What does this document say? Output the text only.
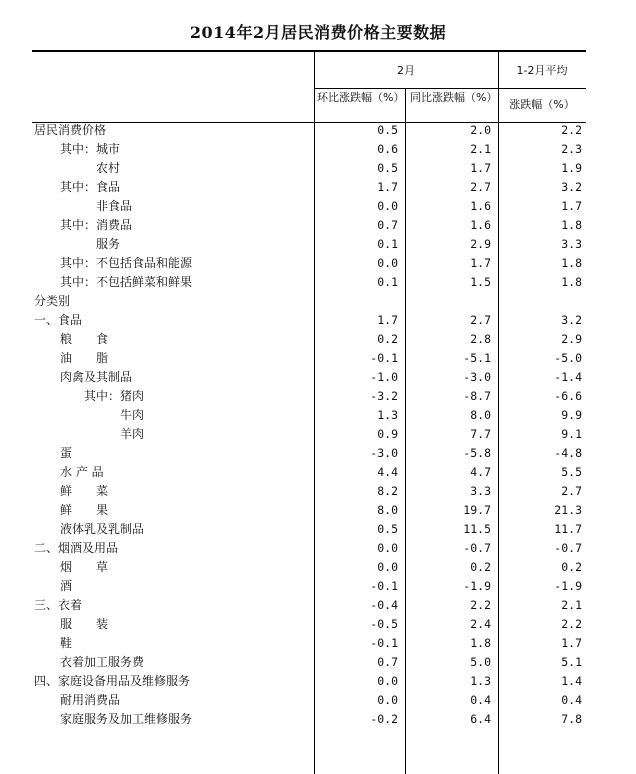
2014年2月居民消费价格主要数据
2月	1-2月平均
环比涨跌幅（%） 同比涨跌幅（%）
涨跌幅（%）
居民消费价格	0.5	2.0	2.2
其中：城市	0.6	2.1	2.3
农村	0.5	1.7	1.9
其中：食品	1.7	2.7	3.2
非食品	0.0	1.6	1.7
其中：消费品	0.7	1.6	1.8
服务	0.1	2.9	3.3
其中：不包括食品和能源	0.0	1.7	1.8
其中：不包括鲜菜和鲜果	0.1	1.5	1.8
分类别
一、食品	1.7	2.7	3.2
粮　　食	0.2	2.8	2.9
油　　脂	-0.1	-5.1	-5.0
肉禽及其制品	-1.0	-3.0	-1.4
其中：猪肉	-3.2	-8.7	-6.6
牛肉	1.3	8.0	9.9
羊肉	0.9	7.7	9.1
蛋	-3.0	-5.8	-4.8
水 产 品	4.4	4.7	5.5
鲜　　菜	8.2	3.3	2.7
鲜　　果	8.0	19.7	21.3
液体乳及乳制品	0.5	11.5	11.7
二、烟酒及用品	0.0	-0.7	-0.7
烟　　草	0.0	0.2	0.2
酒	-0.1	-1.9	-1.9
三、衣着	-0.4	2.2	2.1
服　　装	-0.5	2.4	2.2
鞋	-0.1	1.8	1.7
衣着加工服务费	0.7	5.0	5.1
四、家庭设备用品及维修服务	0.0	1.3	1.4
耐用消费品	0.0	0.4	0.4
家庭服务及加工维修服务	-0.2	6.4	7.8
